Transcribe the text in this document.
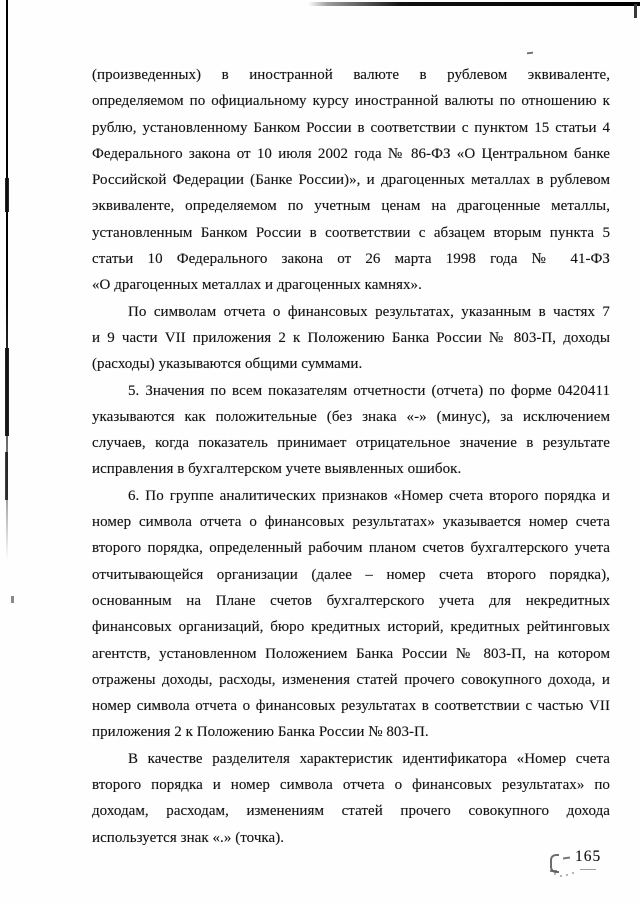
(произведенных) в иностранной валюте в рублевом эквиваленте,
определяемом по официальному курсу иностранной валюты по отношению к
рублю, установленному Банком России в соответствии с пунктом 15 статьи 4
Федерального закона от 10 июля 2002 года № 86-ФЗ «О Центральном банке
Российской Федерации (Банке России)», и драгоценных металлах в рублевом
эквиваленте, определяемом по учетным ценам на драгоценные металлы,
установленным Банком России в соответствии с абзацем вторым пункта 5
статьи 10 Федерального закона от 26 марта 1998 года № 41-ФЗ
«О драгоценных металлах и драгоценных камнях».
По символам отчета о финансовых результатах, указанным в частях 7
и 9 части VII приложения 2 к Положению Банка России № 803-П, доходы
(расходы) указываются общими суммами.
5. Значения по всем показателям отчетности (отчета) по форме 0420411
указываются как положительные (без знака «-» (минус), за исключением
случаев, когда показатель принимает отрицательное значение в результате
исправления в бухгалтерском учете выявленных ошибок.
6. По группе аналитических признаков «Номер счета второго порядка и
номер символа отчета о финансовых результатах» указывается номер счета
второго порядка, определенный рабочим планом счетов бухгалтерского учета
отчитывающейся организации (далее – номер счета второго порядка),
основанным на Плане счетов бухгалтерского учета для некредитных
финансовых организаций, бюро кредитных историй, кредитных рейтинговых
агентств, установленном Положением Банка России № 803-П, на котором
отражены доходы, расходы, изменения статей прочего совокупного дохода, и
номер символа отчета о финансовых результатах в соответствии с частью VII
приложения 2 к Положению Банка России № 803-П.
В качестве разделителя характеристик идентификатора «Номер счета
второго порядка и номер символа отчета о финансовых результатах» по
доходам, расходам, изменениям статей прочего совокупного дохода
используется знак «.» (точка).
165
